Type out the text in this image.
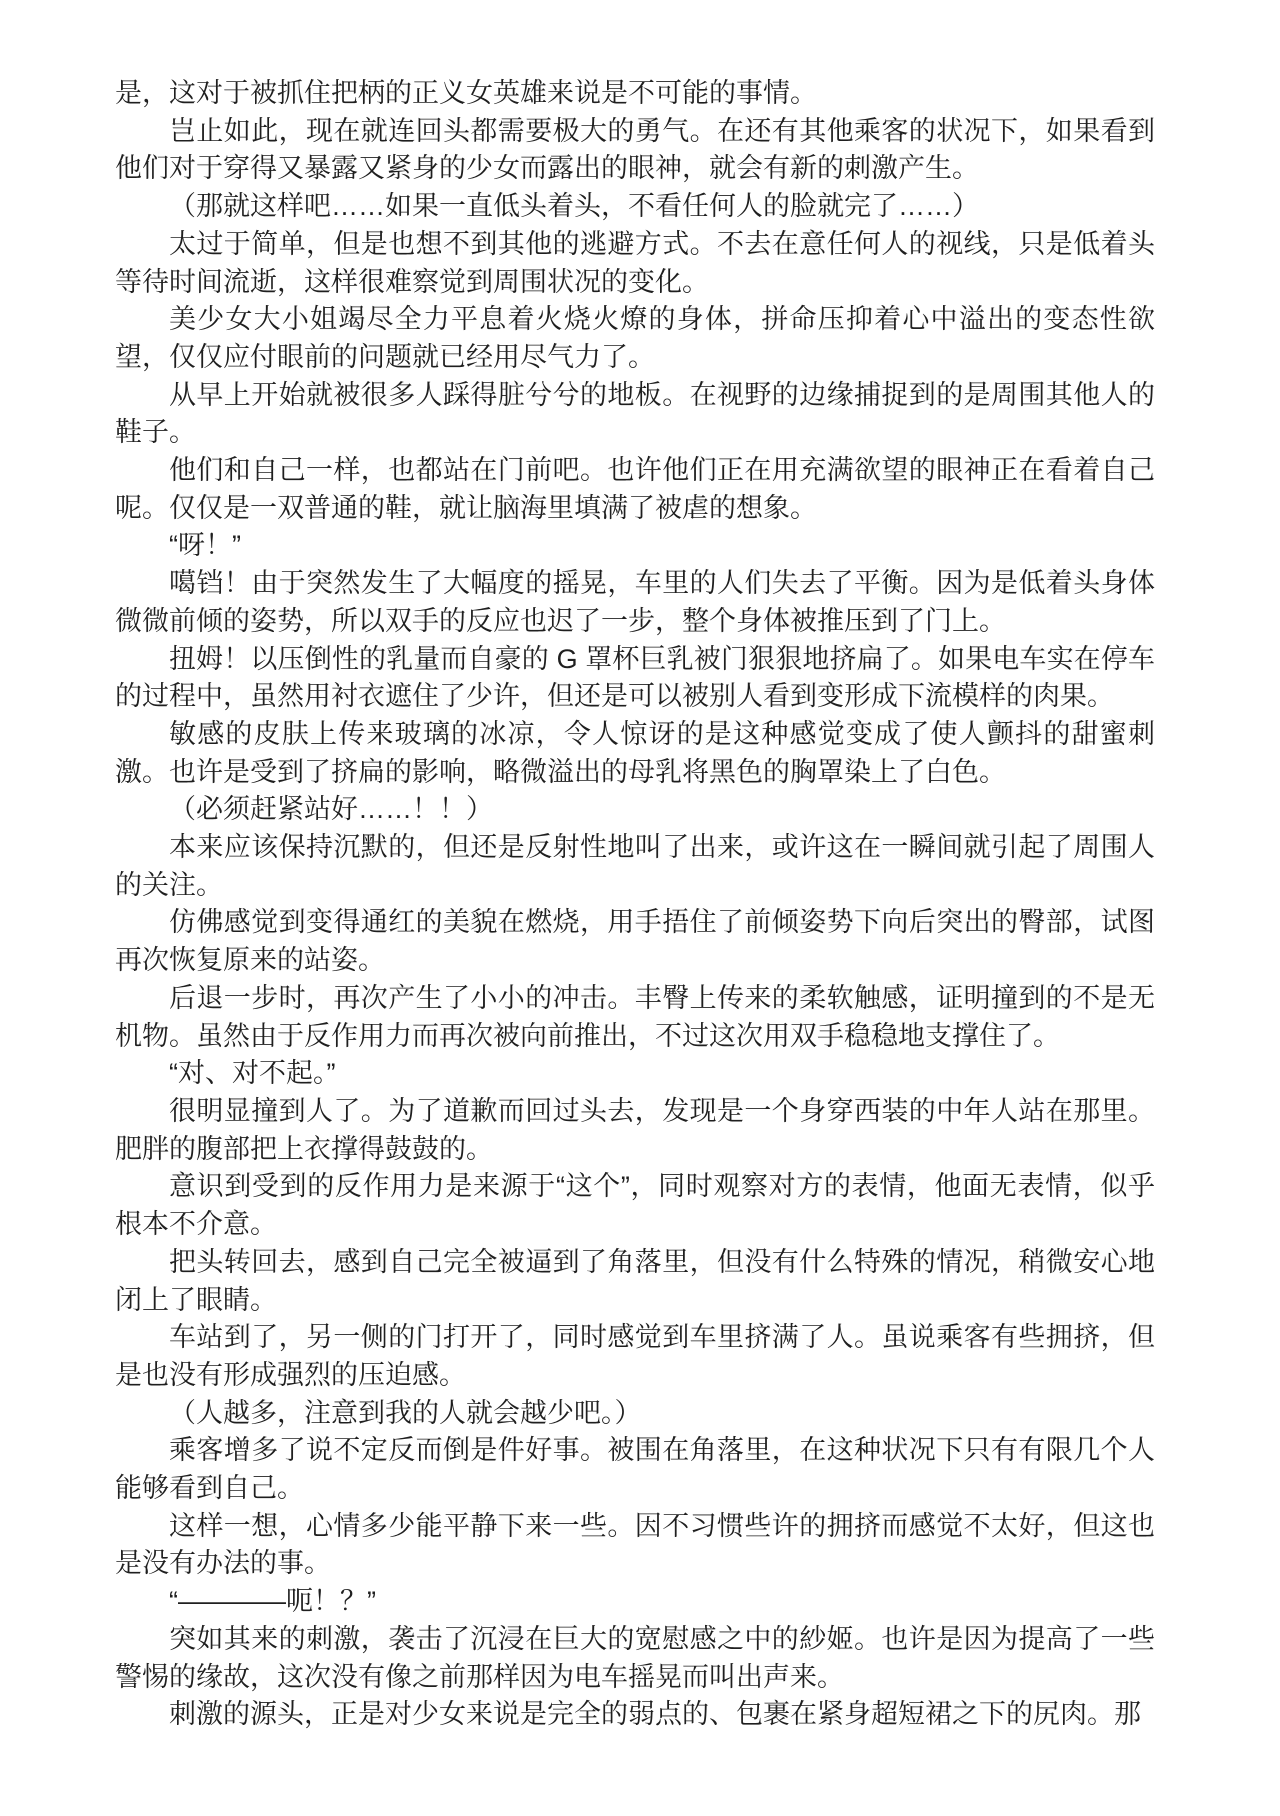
是，这对于被抓住把柄的正义女英雄来说是不可能的事情。

岂止如此，现在就连回头都需要极大的勇气。在还有其他乘客的状况下，如果看到他们对于穿得又暴露又紧身的少女而露出的眼神，就会有新的刺激产生。

（那就这样吧……如果一直低头着头，不看任何人的脸就完了……）

太过于简单，但是也想不到其他的逃避方式。不去在意任何人的视线，只是低着头等待时间流逝，这样很难察觉到周围状况的变化。

美少女大小姐竭尽全力平息着火烧火燎的身体，拼命压抑着心中溢出的变态性欲望，仅仅应付眼前的问题就已经用尽气力了。

从早上开始就被很多人踩得脏兮兮的地板。在视野的边缘捕捉到的是周围其他人的鞋子。

他们和自己一样，也都站在门前吧。也许他们正在用充满欲望的眼神正在看着自己呢。仅仅是一双普通的鞋，就让脑海里填满了被虐的想象。

“呀！”

噶铛！由于突然发生了大幅度的摇晃，车里的人们失去了平衡。因为是低着头身体微微前倾的姿势，所以双手的反应也迟了一步，整个身体被推压到了门上。

扭姆！以压倒性的乳量而自豪的 G 罩杯巨乳被门狠狠地挤扁了。如果电车实在停车的过程中，虽然用衬衣遮住了少许，但还是可以被别人看到变形成下流模样的肉果。

敏感的皮肤上传来玻璃的冰凉，令人惊讶的是这种感觉变成了使人颤抖的甜蜜刺激。也许是受到了挤扁的影响，略微溢出的母乳将黑色的胸罩染上了白色。

（必须赶紧站好……！！）

本来应该保持沉默的，但还是反射性地叫了出来，或许这在一瞬间就引起了周围人的关注。

仿佛感觉到变得通红的美貌在燃烧，用手捂住了前倾姿势下向后突出的臀部，试图再次恢复原来的站姿。

后退一步时，再次产生了小小的冲击。丰臀上传来的柔软触感，证明撞到的不是无机物。虽然由于反作用力而再次被向前推出，不过这次用双手稳稳地支撑住了。

“对、对不起。”

很明显撞到人了。为了道歉而回过头去，发现是一个身穿西装的中年人站在那里。肥胖的腹部把上衣撑得鼓鼓的。

意识到受到的反作用力是来源于“这个”，同时观察对方的表情，他面无表情，似乎根本不介意。

把头转回去，感到自己完全被逼到了角落里，但没有什么特殊的情况，稍微安心地闭上了眼睛。

车站到了，另一侧的门打开了，同时感觉到车里挤满了人。虽说乘客有些拥挤，但是也没有形成强烈的压迫感。

（人越多，注意到我的人就会越少吧。）

乘客增多了说不定反而倒是件好事。被围在角落里，在这种状况下只有有限几个人能够看到自己。

这样一想，心情多少能平静下来一些。因不习惯些许的拥挤而感觉不太好，但这也是没有办法的事。

“————呃！？”

突如其来的刺激，袭击了沉浸在巨大的宽慰感之中的紗姬。也许是因为提高了一些警惕的缘故，这次没有像之前那样因为电车摇晃而叫出声来。

刺激的源头，正是对少女来说是完全的弱点的、包裹在紧身超短裙之下的尻肉。那
